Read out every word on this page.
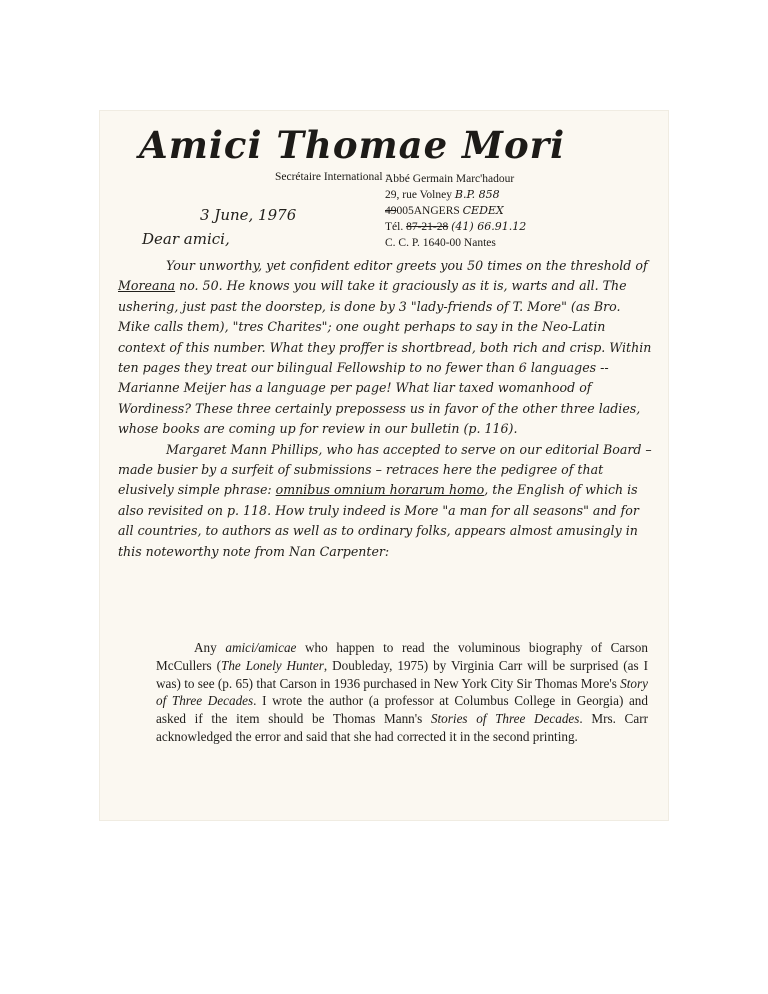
Amici Thomae Mori
Secrétaire International :
Abbé Germain Marc'hadour
29, rue Volney B.P. 858
49005ANGERS CEDEX
Tél. 87-21-28 (41) 66.91.12
C. C. P. 1640-00 Nantes
3 June, 1976
Dear amici,

Your unworthy, yet confident editor greets you 50 times on the threshold of Moreana no. 50. He knows you will take it graciously as it is, warts and all. The ushering, just past the doorstep, is done by 3 "lady-friends of T. More" (as Bro. Mike calls them), "tres Charites"; one ought perhaps to say in the Neo-Latin context of this number. What they proffer is shortbread, both rich and crisp. Within ten pages they treat our bilingual Fellowship to no fewer than 6 languages -- Marianne Meijer has a language per page! What liar taxed womanhood of Wordiness? These three certainly prepossess us in favor of the other three ladies, whose books are coming up for review in our bulletin (p. 116).

Margaret Mann Phillips, who has accepted to serve on our editorial Board – made busier by a surfeit of submissions – retraces here the pedigree of that elusively simple phrase: omnibus omnium horarum homo, the English of which is also revisited on p. 118. How truly indeed is More "a man for all seasons" and for all countries, to authors as well as to ordinary folks, appears almost amusingly in this noteworthy note from Nan Carpenter:

Any amici/amicae who happen to read the voluminous biography of Carson McCullers (The Lonely Hunter, Doubleday, 1975) by Virginia Carr will be surprised (as I was) to see (p. 65) that Carson in 1936 purchased in New York City Sir Thomas More's Story of Three Decades. I wrote the author (a professor at Columbus College in Georgia) and asked if the item should be Thomas Mann's Stories of Three Decades. Mrs. Carr acknowledged the error and said that she had corrected it in the second printing.
